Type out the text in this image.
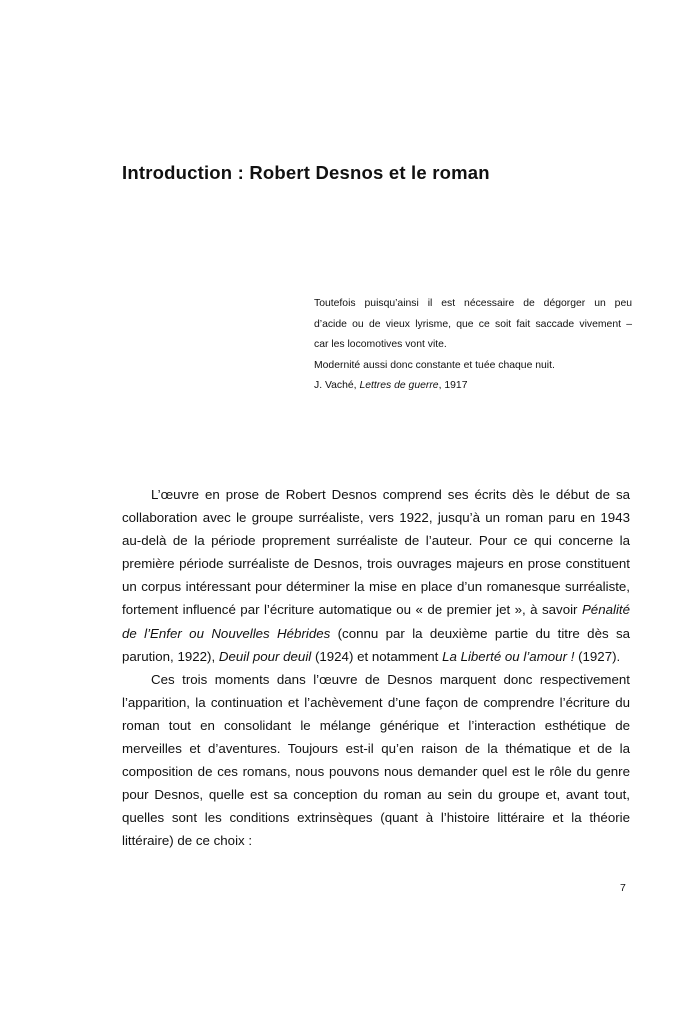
Introduction : Robert Desnos et le roman
Toutefois puisqu’ainsi il est nécessaire de dégorger un peu
d’acide ou de vieux lyrisme, que ce soit fait saccade vivement –
car les locomotives vont vite.
Modernité aussi donc constante et tuée chaque nuit.
J. Vaché, Lettres de guerre, 1917

L’œuvre en prose de Robert Desnos comprend ses écrits dès le début de sa collaboration avec le groupe surréaliste, vers 1922, jusqu’à un roman paru en 1943 au-delà de la période proprement surréaliste de l’auteur. Pour ce qui concerne la première période surréaliste de Desnos, trois ouvrages majeurs en prose constituent un corpus intéressant pour déterminer la mise en place d’un romanesque surréaliste, fortement influencé par l’écriture automatique ou « de premier jet », à savoir Pénalité de l’Enfer ou Nouvelles Hébrides (connu par la deuxième partie du titre dès sa parution, 1922), Deuil pour deuil (1924) et notamment La Liberté ou l’amour ! (1927).

Ces trois moments dans l’œuvre de Desnos marquent donc respectivement l’apparition, la continuation et l’achèvement d’une façon de comprendre l’écriture du roman tout en consolidant le mélange générique et l’interaction esthétique de merveilles et d’aventures. Toujours est-il qu’en raison de la thématique et de la composition de ces romans, nous pouvons nous demander quel est le rôle du genre pour Desnos, quelle est sa conception du roman au sein du groupe et, avant tout, quelles sont les conditions extrinsèques (quant à l’histoire littéraire et la théorie littéraire) de ce choix :

7
